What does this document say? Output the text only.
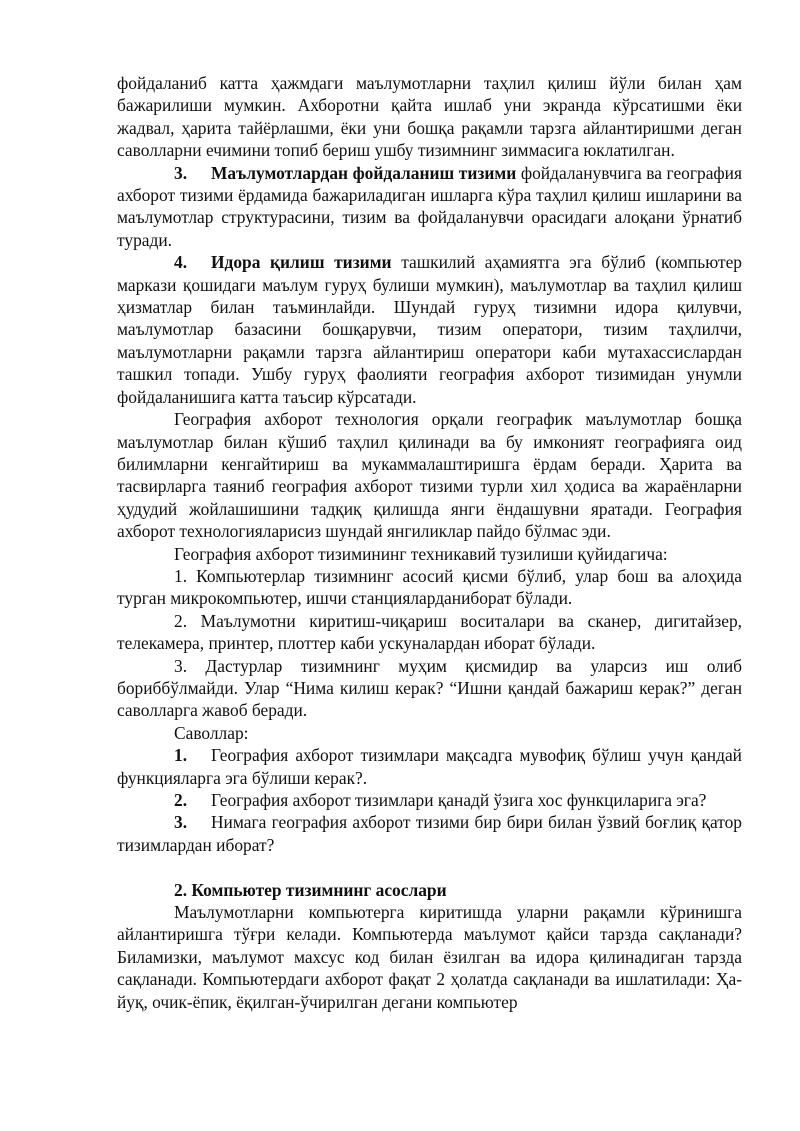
фойдаланиб катта ҳажмдаги маълумотларни таҳлил қилиш йўли билан ҳам бажарилиши мумкин. Ахборотни қайта ишлаб уни экранда кўрсатишми ёки жадвал, ҳарита тайёрлашми, ёки уни бошқа рақамли тарзга айлантиришми деган саволларни ечимини топиб бериш ушбу тизимнинг зиммасига юклатилган.

3. Маълумотлардан фойдаланиш тизими фойдаланувчига ва география ахборот тизими ёрдамида бажариладиган ишларга кўра таҳлил қилиш ишларини ва маълумотлар структурасини, тизим ва фойдаланувчи орасидаги алоқани ўрнатиб туради.

4. Идора қилиш тизими ташкилий аҳамиятга эга бўлиб (компьютер маркази қошидаги маълум гуруҳ булиши мумкин), маълумотлар ва таҳлил қилиш ҳизматлар билан таъминлайди. Шундай гуруҳ тизимни идора қилувчи, маълумотлар базасини бошқарувчи, тизим оператори, тизим таҳлилчи, маълумотларни рақамли тарзга айлантириш оператори каби мутахассислардан ташкил топади. Ушбу гуруҳ фаолияти география ахборот тизимидан унумли фойдаланишига катта таъсир кўрсатади.

География ахборот технология орқали географик маълумотлар бошқа маълумотлар билан кўшиб таҳлил қилинади ва бу имконият географияга оид билимларни кенгайтириш ва мукаммалаштиришга ёрдам беради. Ҳарита ва тасвирларга таяниб география ахборот тизими турли хил ҳодиса ва жараёнларни ҳудудий жойлашишини тадқиқ қилишда янги ёндашувни яратади. География ахборот технологияларисиз шундай янгиликлар пайдо бўлмас эди.

География ахборот тизимининг техникавий тузилиши қуйидагича:

1. Компьютерлар тизимнинг асосий қисми бўлиб, улар бош ва алоҳида турган микрокомпьютер, ишчи станцияларданиборат бўлади.

2. Маълумотни киритиш-чиқариш воситалари ва сканер, дигитайзер, телекамера, принтер, плоттер каби ускуналардан иборат бўлади.

3. Дастурлар тизимнинг муҳим қисмидир ва уларсиз иш олиб бориббўлмайди. Улар “Нима килиш керак? “Ишни қандай бажариш керак?” деган саволларга жавоб беради.

Саволлар:

1. География ахборот тизимлари мақсадга мувофиқ бўлиш учун қандай функцияларга эга бўлиши керак?.

2. География ахборот тизимлари қанадй ўзига хос функциларига эга?

3. Нимага география ахборот тизими бир бири билан ўзвий боғлиқ қатор тизимлардан иборат?

2. Компьютер тизимнинг асослари

Маълумотларни компьютерга киритишда уларни рақамли кўринишга айлантиришга тўғри келади. Компьютерда маълумот қайси тарзда сақланади? Биламизки, маълумот махсус код билан ёзилган ва идора қилинадиган тарзда сақланади. Компьютердаги ахборот фақат 2 ҳолатда сақланади ва ишлатилади: Ҳа-йуқ, очик-ёпик, ёқилган-ўчирилган дегани компьютер
